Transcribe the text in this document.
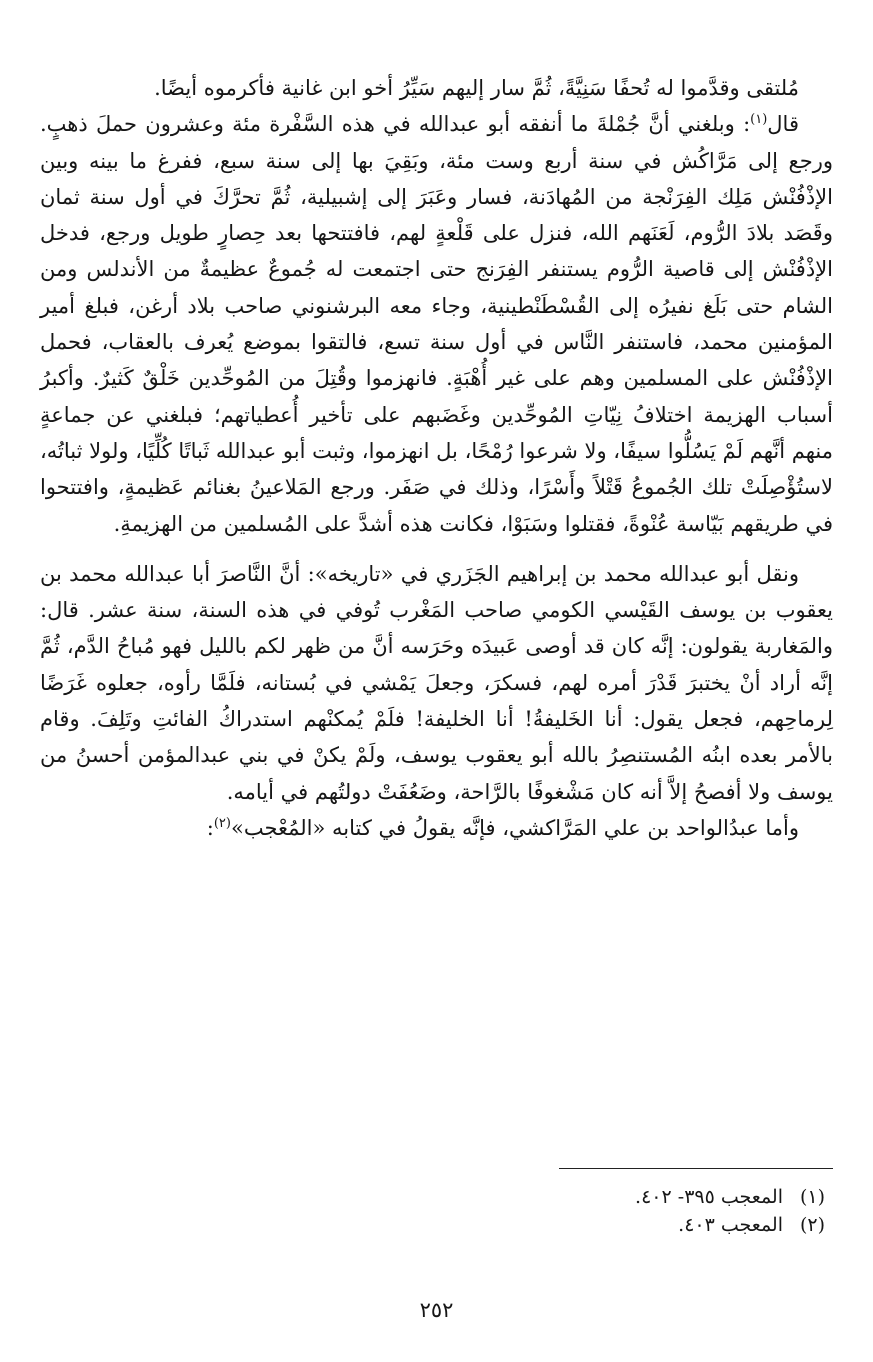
مُلتقى وقدَّموا له تُحفًا سَنِيَّةً، ثُمَّ سار إليهم سَيِّرُ أخو ابن غانية فأكرموه أيضًا.

قال$^{(١)}$: وبلغني أنَّ جُمْلةَ ما أنفقه أبو عبدالله في هذه السَّفْرة مئة وعشرون حملَ ذهبٍ. ورجع إلى مَرَّاكُش في سنة أربع وست مئة، وبَقِيَ بها إلى سنة سبع، ففرغ ما بينه وبين الإذْفُنْش مَلِك الفِرَنْجة من المُهادَنة، فسار وعَبَرَ إلى إشبيلية، ثُمَّ تحرَّكَ في أول سنة ثمان وقَصَد بلادَ الرُّوم، لَعَنَهم الله، فنزل على قَلْعةٍ لهم، فافتتحها بعد حِصارٍ طويل ورجع، فدخل الإذْفُنْش إلى قاصية الرُّوم يستنفر الفِرَنج حتى اجتمعت له جُموعٌ عظيمةٌ من الأندلس ومن الشام حتى بَلَغ نفيرُه إلى القُسْطَنْطينية، وجاء معه البرشنوني صاحب بلاد أرغن، فبلغ أمير المؤمنين محمد، فاستنفر النَّاس في أول سنة تسع، فالتقوا بموضع يُعرف بالعقاب، فحمل الإذْفُنْش على المسلمين وهم على غير أُهْبَةٍ. فانهزموا وقُتِلَ من المُوحِّدين خَلْقٌ كَثيرٌ. وأكبرُ أسباب الهزيمة اختلافُ نِيّاتِ المُوحِّدين وغَضَبهم على تأخير أُعطياتهم؛ فبلغني عن جماعةٍ منهم أنَّهم لَمْ يَسُلُّوا سيفًا، ولا شرعوا رُمْحًا، بل انهزموا، وثبت أبو عبدالله ثَباتًا كُلِّيًا، ولولا ثباتُه، لاستُؤْصِلَتْ تلك الجُموعُ قَتْلاً وأَسْرًا، وذلك في صَفَر. ورجع المَلاعينُ بغنائم عَظيمةٍ، وافتتحوا في طريقهم بَيّاسة عُنْوةً، فقتلوا وسَبَوْا، فكانت هذه أشدَّ على المُسلمين من الهزيمةِ.

ونقل أبو عبدالله محمد بن إبراهيم الجَزَري في «تاريخه»: أنَّ النَّاصرَ أبا عبدالله محمد بن يعقوب بن يوسف القَيْسي الكومي صاحب المَغْرب تُوفي في هذه السنة، سنة عشر. قال: والمَغاربة يقولون: إنَّه كان قد أوصى عَبيدَه وحَرَسه أنَّ من ظهر لكم بالليل فهو مُباحُ الدَّم، ثُمَّ إنَّه أراد أنْ يختبرَ قَدْرَ أمره لهم، فسكرَ، وجعلَ يَمْشي في بُستانه، فلَمَّا رأوه، جعلوه غَرَضًا لِرماحِهم، فجعل يقول: أنا الخَليفةُ! أنا الخليفة! فلَمْ يُمكنْهم استدراكُ الفائتِ وتَلِفَ. وقام بالأمر بعده ابنُه المُستنصِرُ بالله أبو يعقوب يوسف، ولَمْ يكنْ في بني عبدالمؤمن أحسنُ من يوسف ولا أفصحُ إلاَّ أنه كان مَشْغوفًا بالرَّاحة، وضَعُفَتْ دولتُهم في أيامه.

وأما عبدُالواحد بن علي المَرَّاكشي، فإنَّه يقولُ في كتابه «المُعْجب»$^{(٢)}$:

(١)
المعجب ٣٩٥- ٤٠٢.
(٢)
المعجب ٤٠٣.
٢٥٢
